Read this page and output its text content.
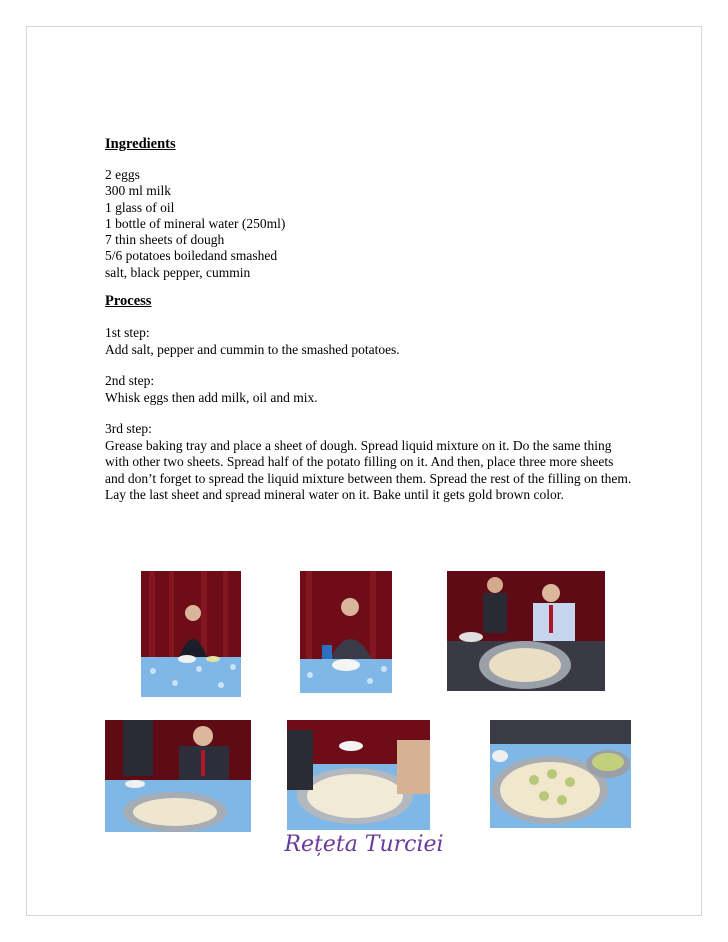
Ingredients

2 eggs
300 ml milk
1 glass of oil
1 bottle of mineral water (250ml)
7 thin sheets of dough
5/6 potatoes boiledand smashed
salt, black pepper, cummin

Process

1st step:
Add salt, pepper and cummin to the smashed potatoes.
2nd step:
Whisk eggs then add milk, oil and mix.
3rd step:
Grease baking tray and place a sheet of dough. Spread liquid mixture on it. Do the same thing with other two sheets. Spread half of the potato filling on it. And then, place three more sheets and don’t forget to spread the liquid mixture between them. Spread the rest of the filling on them. Lay the last sheet and spread mineral water on it. Bake until it gets gold brown color.
Rețeta Turciei
